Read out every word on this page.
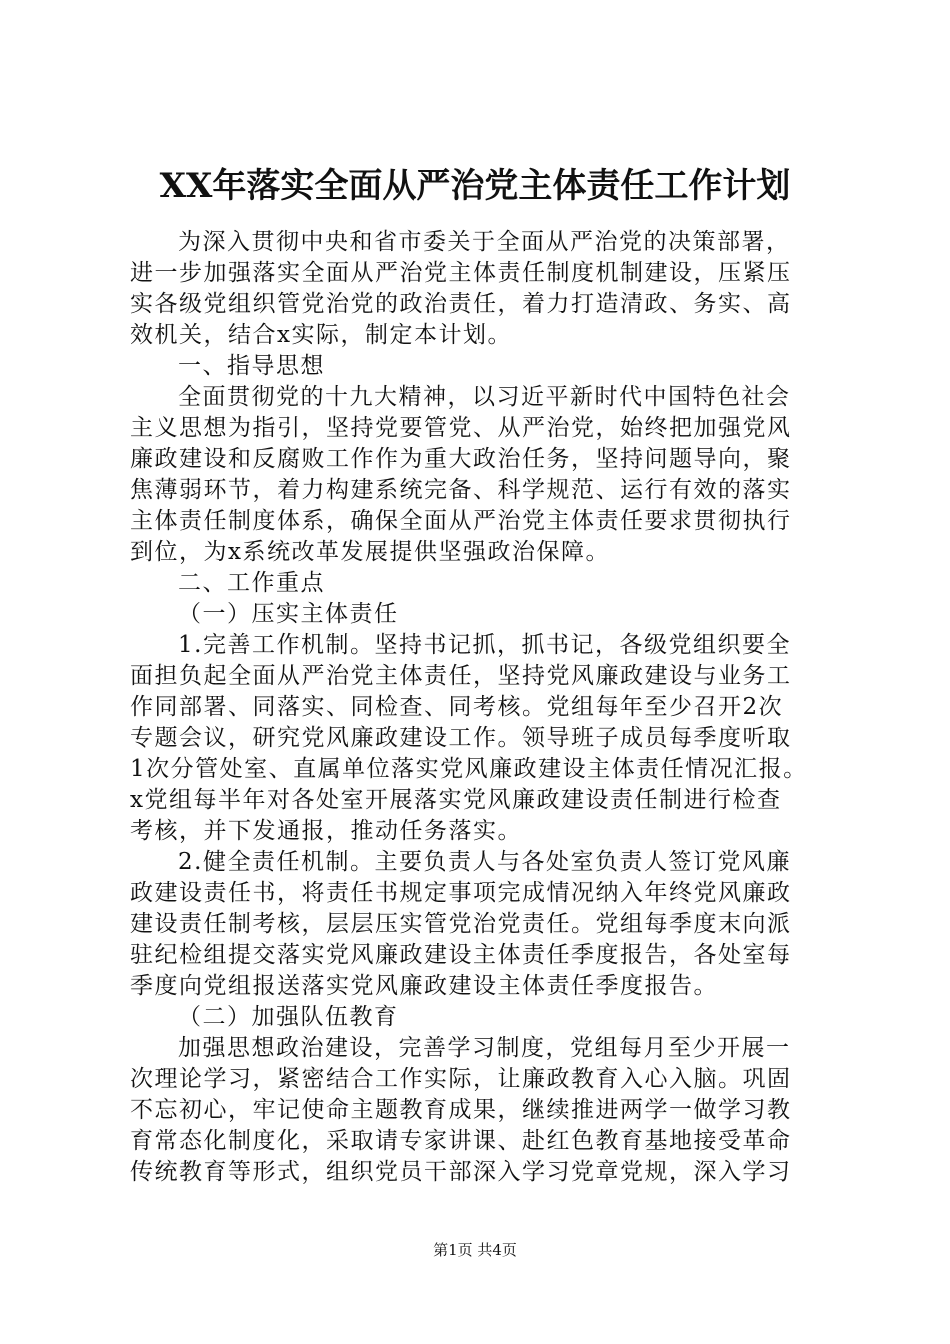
XX年落实全面从严治党主体责任工作计划
为深入贯彻中央和省市委关于全面从严治党的决策部署，
进一步加强落实全面从严治党主体责任制度机制建设，压紧压
实各级党组织管党治党的政治责任，着力打造清政、务实、高
效机关，结合x实际，制定本计划。
一、指导思想
全面贯彻党的十九大精神，以习近平新时代中国特色社会
主义思想为指引，坚持党要管党、从严治党，始终把加强党风
廉政建设和反腐败工作作为重大政治任务，坚持问题导向，聚
焦薄弱环节，着力构建系统完备、科学规范、运行有效的落实
主体责任制度体系，确保全面从严治党主体责任要求贯彻执行
到位，为x系统改革发展提供坚强政治保障。
二、工作重点
（一）压实主体责任
1.完善工作机制。坚持书记抓，抓书记，各级党组织要全
面担负起全面从严治党主体责任，坚持党风廉政建设与业务工
作同部署、同落实、同检查、同考核。党组每年至少召开2次
专题会议，研究党风廉政建设工作。领导班子成员每季度听取
1次分管处室、直属单位落实党风廉政建设主体责任情况汇报。
x党组每半年对各处室开展落实党风廉政建设责任制进行检查
考核，并下发通报，推动任务落实。
2.健全责任机制。主要负责人与各处室负责人签订党风廉
政建设责任书，将责任书规定事项完成情况纳入年终党风廉政
建设责任制考核，层层压实管党治党责任。党组每季度末向派
驻纪检组提交落实党风廉政建设主体责任季度报告，各处室每
季度向党组报送落实党风廉政建设主体责任季度报告。
（二）加强队伍教育
加强思想政治建设，完善学习制度，党组每月至少开展一
次理论学习，紧密结合工作实际，让廉政教育入心入脑。巩固
不忘初心，牢记使命主题教育成果，继续推进两学一做学习教
育常态化制度化，采取请专家讲课、赴红色教育基地接受革命
传统教育等形式，组织党员干部深入学习党章党规，深入学习
第1页 共4页
